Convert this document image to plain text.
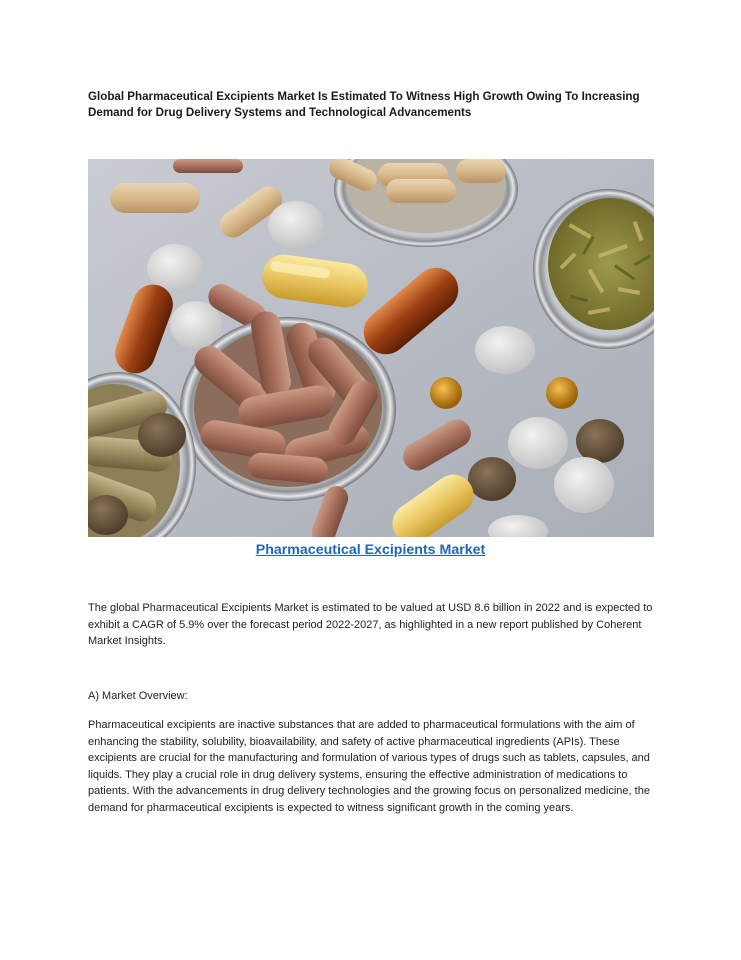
Global Pharmaceutical Excipients Market Is Estimated To Witness High Growth Owing To Increasing Demand for Drug Delivery Systems and Technological Advancements
Pharmaceutical Excipients Market

The global Pharmaceutical Excipients Market is estimated to be valued at USD 8.6 billion in 2022 and is expected to exhibit a CAGR of 5.9% over the forecast period 2022-2027, as highlighted in a new report published by Coherent Market Insights.

A) Market Overview:

Pharmaceutical excipients are inactive substances that are added to pharmaceutical formulations with the aim of enhancing the stability, solubility, bioavailability, and safety of active pharmaceutical ingredients (APIs). These excipients are crucial for the manufacturing and formulation of various types of drugs such as tablets, capsules, and liquids. They play a crucial role in drug delivery systems, ensuring the effective administration of medications to patients. With the advancements in drug delivery technologies and the growing focus on personalized medicine, the demand for pharmaceutical excipients is expected to witness significant growth in the coming years.
